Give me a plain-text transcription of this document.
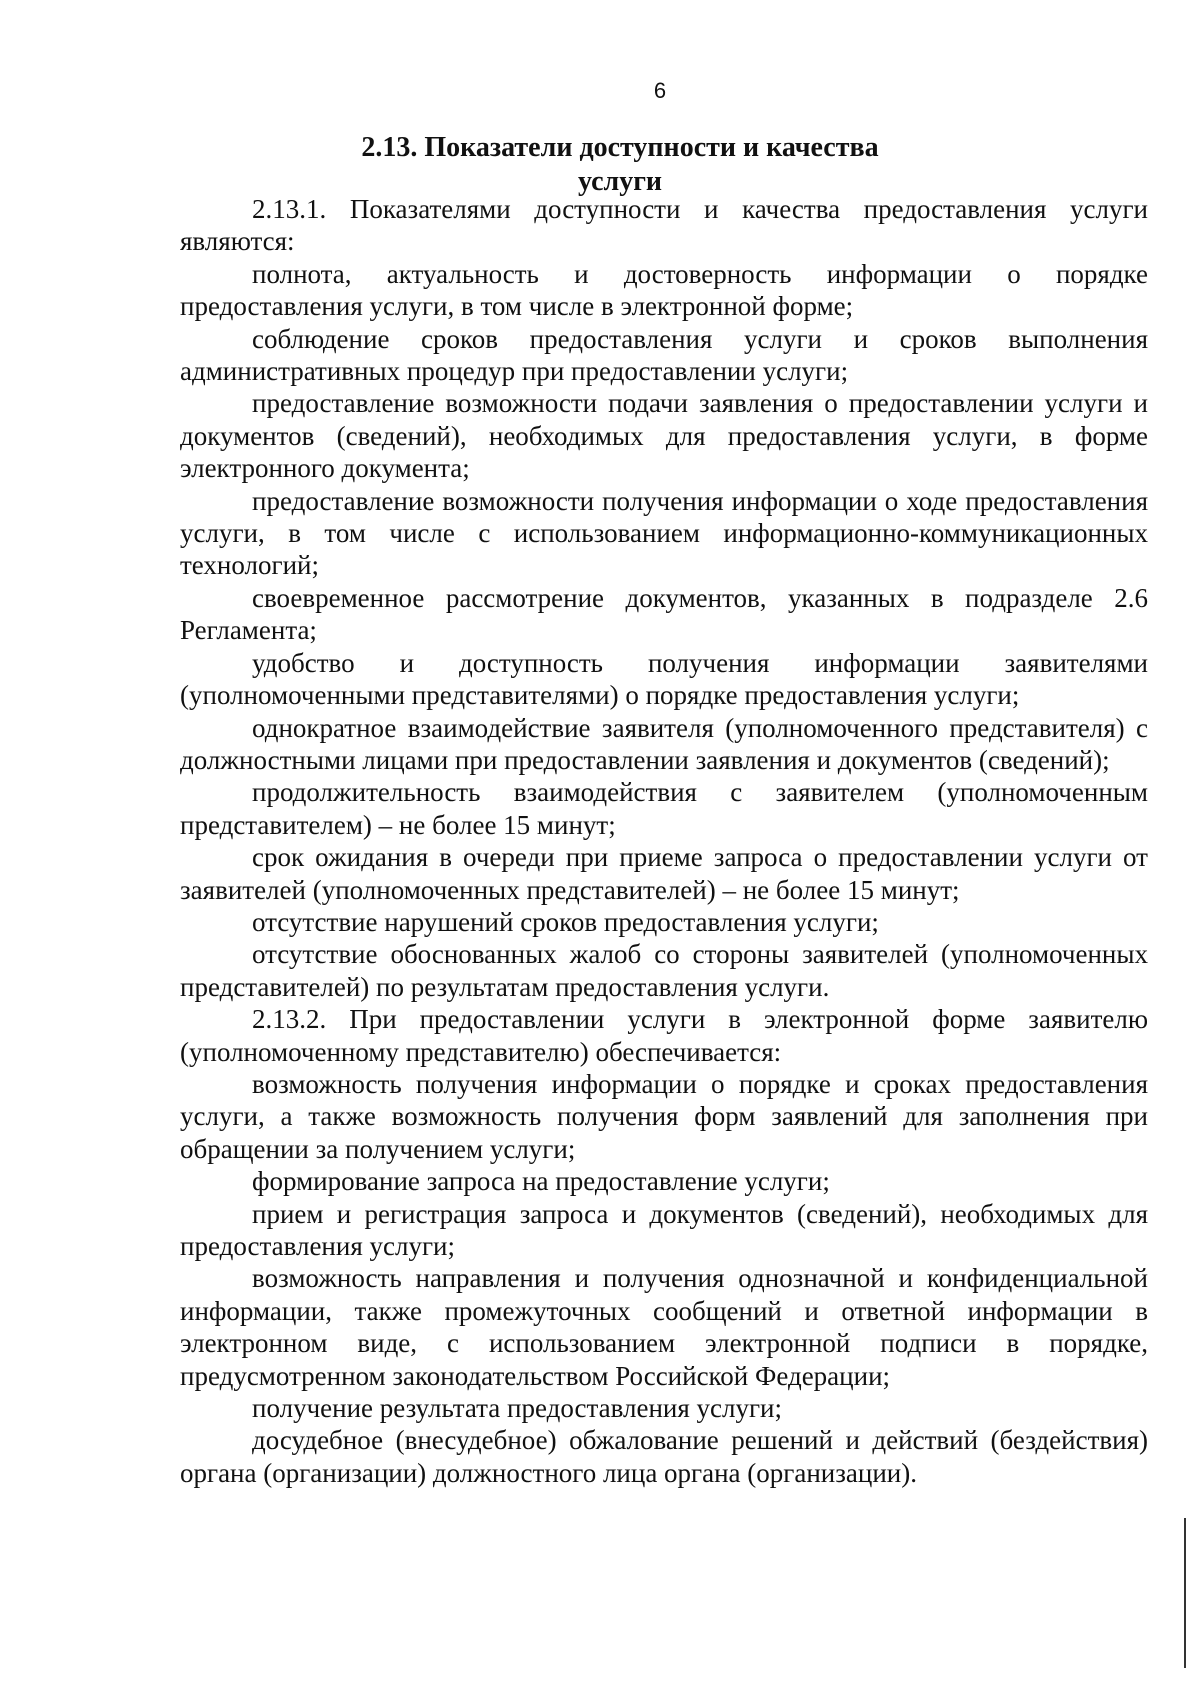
6
2.13. Показатели доступности и качества услуги

2.13.1. Показателями доступности и качества предоставления услуги являются:

полнота, актуальность и достоверность информации о порядке предоставления услуги, в том числе в электронной форме;

соблюдение сроков предоставления услуги и сроков выполнения административных процедур при предоставлении услуги;

предоставление возможности подачи заявления о предоставлении услуги и документов (сведений), необходимых для предоставления услуги, в форме электронного документа;

предоставление возможности получения информации о ходе предоставления услуги, в том числе с использованием информационно-коммуникационных технологий;

своевременное рассмотрение документов, указанных в подразделе 2.6 Регламента;

удобство и доступность получения информации заявителями (уполномоченными представителями) о порядке предоставления услуги;

однократное взаимодействие заявителя (уполномоченного представителя) с должностными лицами при предоставлении заявления и документов (сведений);

продолжительность взаимодействия с заявителем (уполномоченным представителем) – не более 15 минут;

срок ожидания в очереди при приеме запроса о предоставлении услуги от заявителей (уполномоченных представителей) – не более 15 минут;

отсутствие нарушений сроков предоставления услуги;

отсутствие обоснованных жалоб со стороны заявителей (уполномоченных представителей) по результатам предоставления услуги.

2.13.2. При предоставлении услуги в электронной форме заявителю (уполномоченному представителю) обеспечивается:

возможность получения информации о порядке и сроках предоставления услуги, а также возможность получения форм заявлений для заполнения при обращении за получением услуги;

формирование запроса на предоставление услуги;

прием и регистрация запроса и документов (сведений), необходимых для предоставления услуги;

возможность направления и получения однозначной и конфиденциальной информации, также промежуточных сообщений и ответной информации в электронном виде, с использованием электронной подписи в порядке, предусмотренном законодательством Российской Федерации;

получение результата предоставления услуги;

досудебное (внесудебное) обжалование решений и действий (бездействия) органа (организации) должностного лица органа (организации).
